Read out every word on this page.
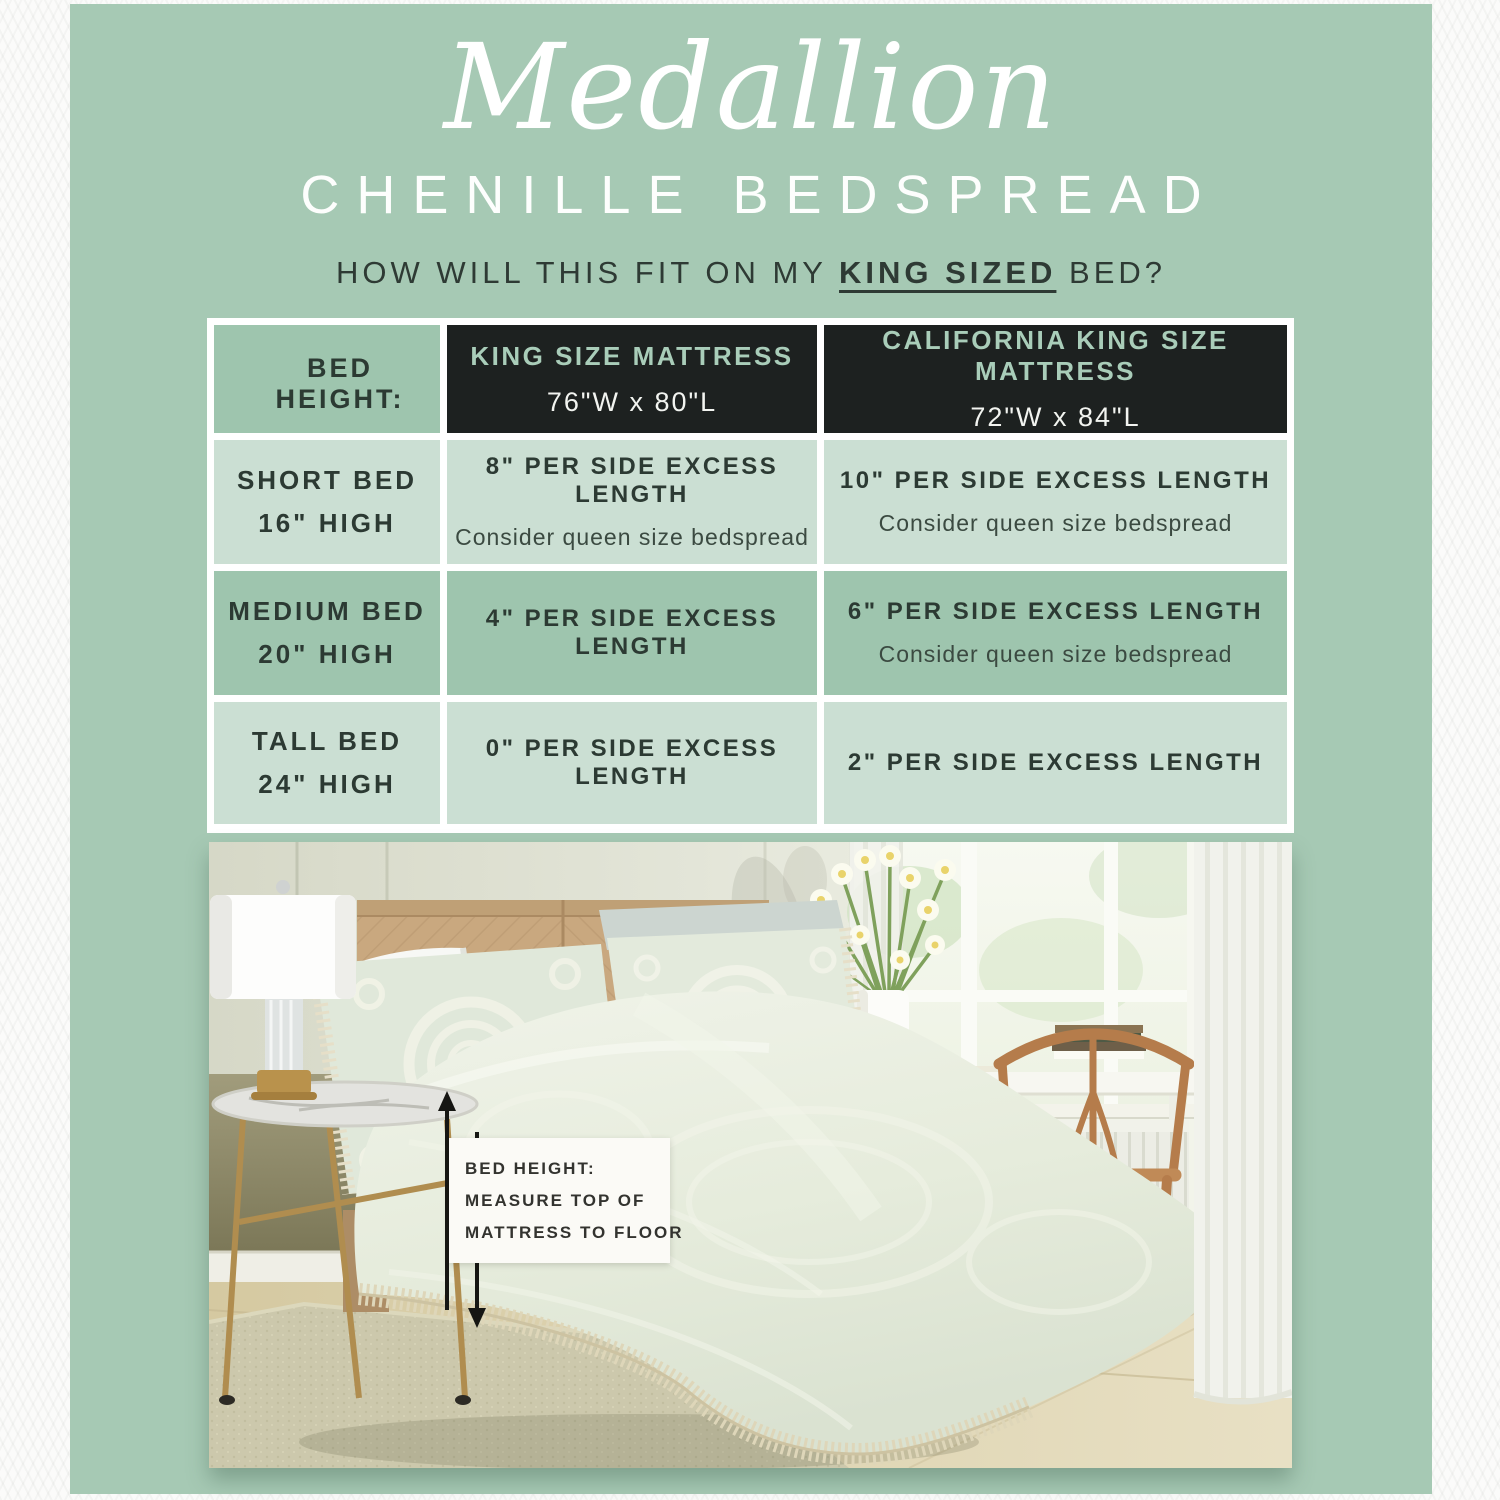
Medallion
CHENILLE BEDSPREAD
HOW WILL THIS FIT ON MY KING SIZED BED?
BED HEIGHT:
KING SIZE MATTRESS
76"W x 80"L
CALIFORNIA KING SIZE MATTRESS
72"W x 84"L
SHORT BED
16" HIGH
8" PER SIDE EXCESS LENGTH
Consider queen size bedspread
10" PER SIDE EXCESS LENGTH
Consider queen size bedspread
MEDIUM BED
20" HIGH
4" PER SIDE EXCESS LENGTH
6" PER SIDE EXCESS LENGTH
Consider queen size bedspread
TALL BED
24" HIGH
0" PER SIDE EXCESS LENGTH
2" PER SIDE EXCESS LENGTH
BED HEIGHT:
MEASURE TOP OF
MATTRESS TO FLOOR
